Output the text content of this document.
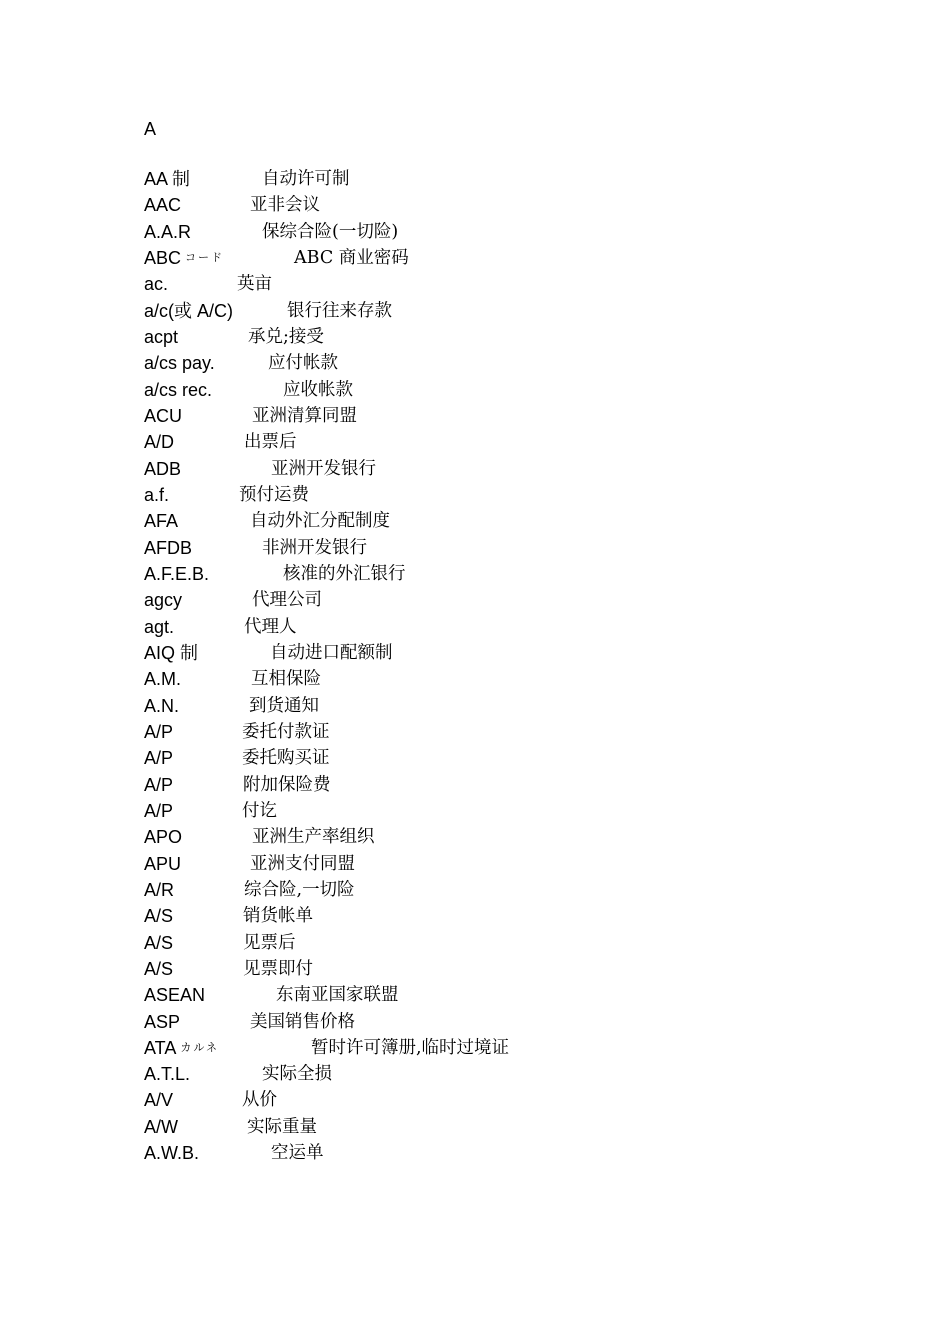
A
AA 制	自动许可制
AAC	亚非会议
A.A.R	保综合险(一切险)
ABC コード	ABC 商业密码
ac.	英亩
a/c(或 A/C)	银行往来存款
acpt	承兑;接受
a/cs pay.	应付帐款
a/cs rec.	应收帐款
ACU	亚洲清算同盟
A/D	出票后
ADB	亚洲开发银行
a.f.	预付运费
AFA	自动外汇分配制度
AFDB	非洲开发银行
A.F.E.B.	核准的外汇银行
agcy	代理公司
agt.	代理人
AIQ 制	自动进口配额制
A.M.	互相保险
A.N.	到货通知
A/P	委托付款证
A/P	委托购买证
A/P	附加保险费
A/P	付讫
APO	亚洲生产率组织
APU	亚洲支付同盟
A/R	综合险,一切险
A/S	销货帐单
A/S	见票后
A/S	见票即付
ASEAN	东南亚国家联盟
ASP	美国销售价格
ATA カルネ	暂时许可簿册,临时过境证
A.T.L.	实际全损
A/V	从价
A/W	实际重量
A.W.B.	空运单
